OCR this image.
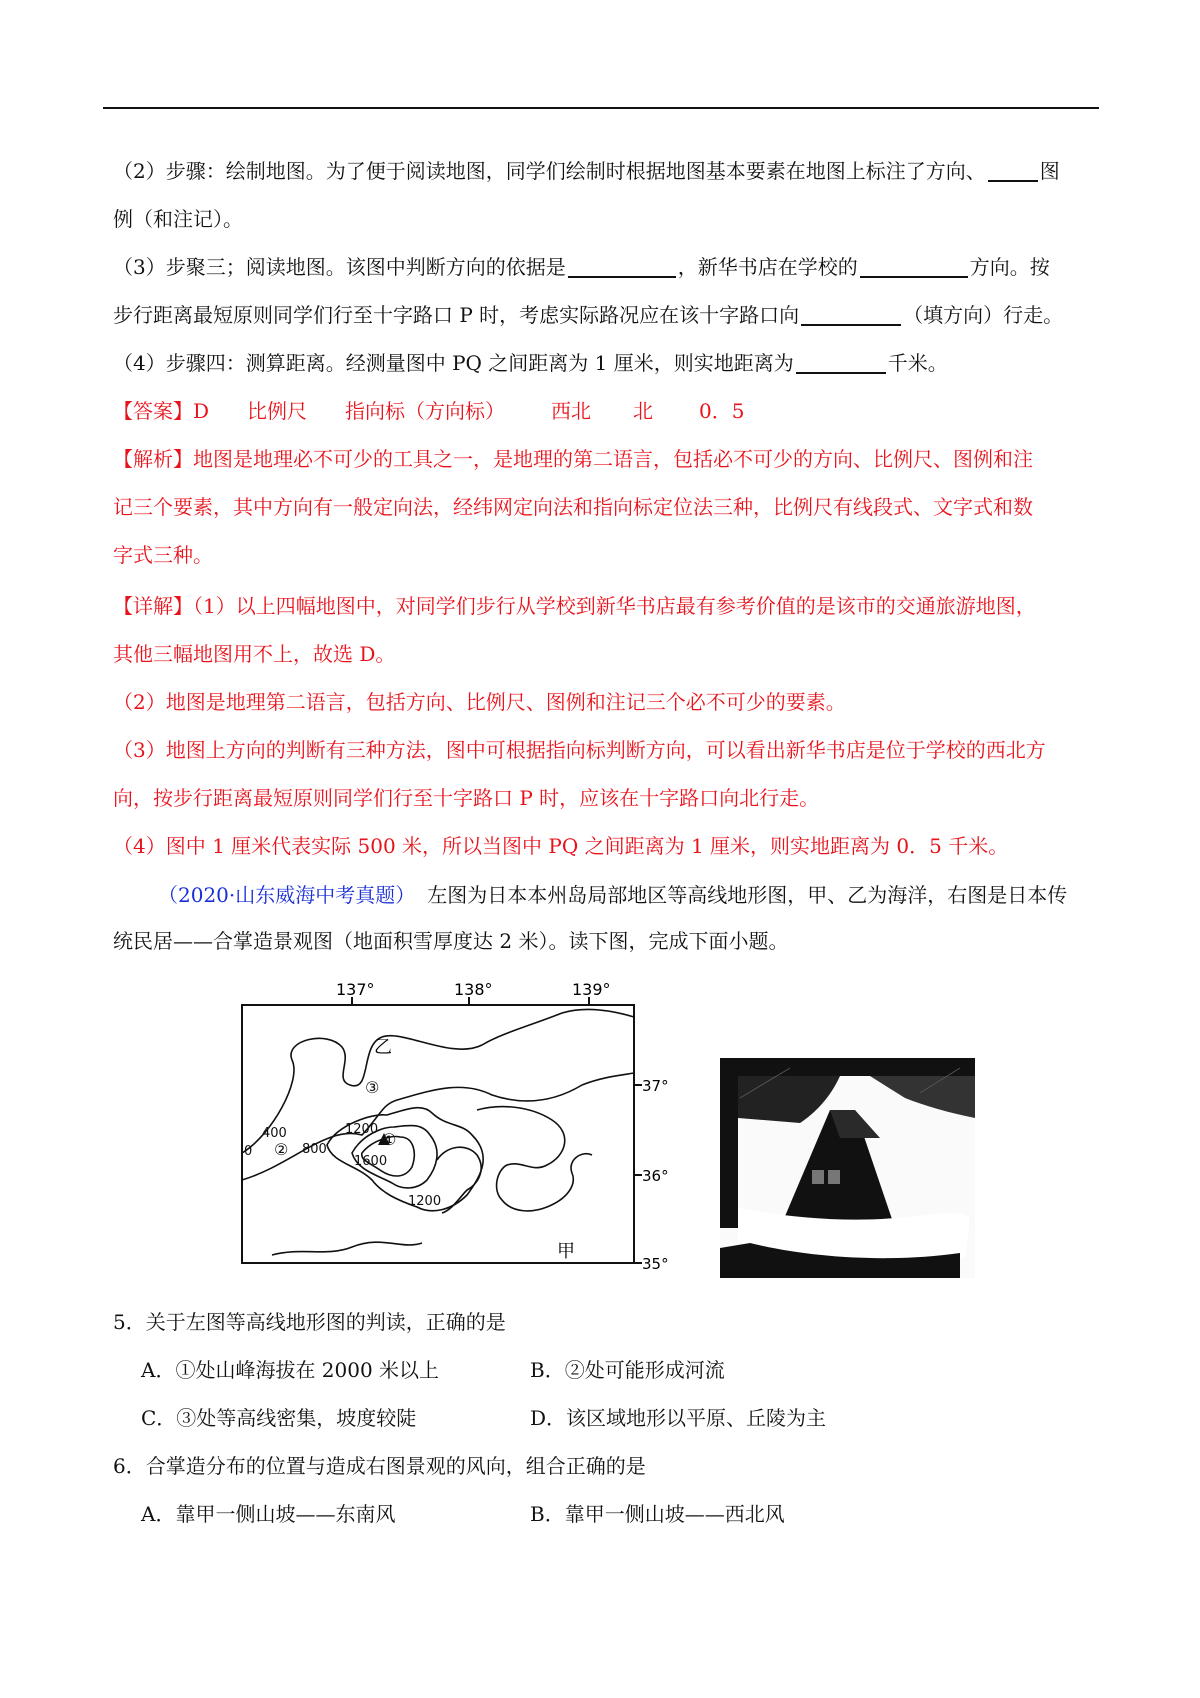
（2）步骤：绘制地图。为了便于阅读地图，同学们绘制时根据地图基本要素在地图上标注了方向、	图
例（和注记）。
（3）步聚三；阅读地图。该图中判断方向的依据是	，新华书店在学校的	方向。按
步行距离最短原则同学们行至十字路口 P 时，考虑实际路况应在该十字路口向	（填方向）行走。
（4）步骤四：测算距离。经测量图中 PQ 之间距离为 1 厘米，则实地距离为	千米。
【答案】D 比例尺 指向标（方向标） 西北 北 0．5
【解析】地图是地理必不可少的工具之一，是地理的第二语言，包括必不可少的方向、比例尺、图例和注
记三个要素，其中方向有一般定向法，经纬网定向法和指向标定位法三种，比例尺有线段式、文字式和数
字式三种。
【详解】（1）以上四幅地图中，对同学们步行从学校到新华书店最有参考价值的是该市的交通旅游地图，
其他三幅地图用不上，故选 D。
（2）地图是地理第二语言，包括方向、比例尺、图例和注记三个必不可少的要素。
（3）地图上方向的判断有三种方法，图中可根据指向标判断方向，可以看出新华书店是位于学校的西北方
向，按步行距离最短原则同学们行至十字路口 P 时，应该在十字路口向北行走。
（4）图中 1 厘米代表实际 500 米，所以当图中 PQ 之间距离为 1 厘米，则实地距离为 0．5 千米。
（2020·山东威海中考真题） 左图为日本本州岛局部地区等高线地形图，甲、乙为海洋，右图是日本传
统民居——合掌造景观图（地面积雪厚度达 2 米）。读下图，完成下面小题。
137°	138°	139°
37°
36°
35°
0
400
800
1200
1600
1200
①
②
③
乙
甲
5．关于左图等高线地形图的判读，正确的是
A．①处山峰海拔在 2000 米以上	B．②处可能形成河流
C．③处等高线密集，坡度较陡	D．该区域地形以平原、丘陵为主
6．合掌造分布的位置与造成右图景观的风向，组合正确的是
A．靠甲一侧山坡——东南风	B．靠甲一侧山坡——西北风
